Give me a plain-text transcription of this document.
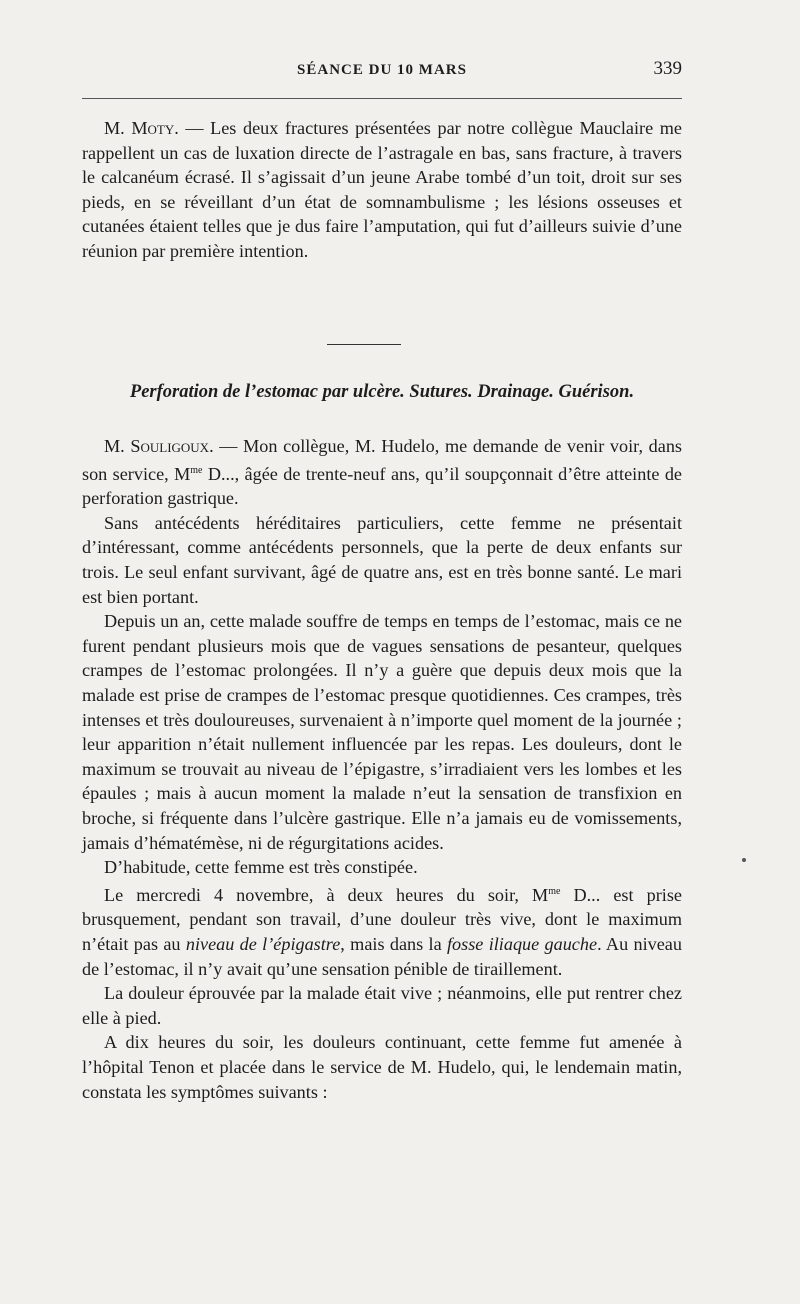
SÉANCE DU 10 MARS	339

M. Moty. — Les deux fractures présentées par notre collègue Mauclaire me rappellent un cas de luxation directe de l’astragale en bas, sans fracture, à travers le calcanéum écrasé. Il s’agissait d’un jeune Arabe tombé d’un toit, droit sur ses pieds, en se réveillant d’un état de somnambulisme ; les lésions osseuses et cutanées étaient telles que je dus faire l’amputation, qui fut d’ailleurs suivie d’une réunion par première intention.

Perforation de l’estomac par ulcère. Sutures. Drainage. Guérison.

M. Souligoux. — Mon collègue, M. Hudelo, me demande de venir voir, dans son service, $M^{me}$ D..., âgée de trente-neuf ans, qu’il soupçonnait d’être atteinte de perforation gastrique.

Sans antécédents héréditaires particuliers, cette femme ne présentait d’intéressant, comme antécédents personnels, que la perte de deux enfants sur trois. Le seul enfant survivant, âgé de quatre ans, est en très bonne santé. Le mari est bien portant.

Depuis un an, cette malade souffre de temps en temps de l’estomac, mais ce ne furent pendant plusieurs mois que de vagues sensations de pesanteur, quelques crampes de l’estomac prolongées. Il n’y a guère que depuis deux mois que la malade est prise de crampes de l’estomac presque quotidiennes. Ces crampes, très intenses et très douloureuses, survenaient à n’importe quel moment de la journée ; leur apparition n’était nullement influencée par les repas. Les douleurs, dont le maximum se trouvait au niveau de l’épigastre, s’irradiaient vers les lombes et les épaules ; mais à aucun moment la malade n’eut la sensation de transfixion en broche, si fréquente dans l’ulcère gastrique. Elle n’a jamais eu de vomissements, jamais d’hématémèse, ni de régurgitations acides.

D’habitude, cette femme est très constipée.

Le mercredi 4 novembre, à deux heures du soir, $M^{me}$ D... est prise brusquement, pendant son travail, d’une douleur très vive, dont le maximum n’était pas au niveau de l’épigastre, mais dans la fosse iliaque gauche. Au niveau de l’estomac, il n’y avait qu’une sensation pénible de tiraillement.

La douleur éprouvée par la malade était vive ; néanmoins, elle put rentrer chez elle à pied.

A dix heures du soir, les douleurs continuant, cette femme fut amenée à l’hôpital Tenon et placée dans le service de M. Hudelo, qui, le lendemain matin, constata les symptômes suivants :
